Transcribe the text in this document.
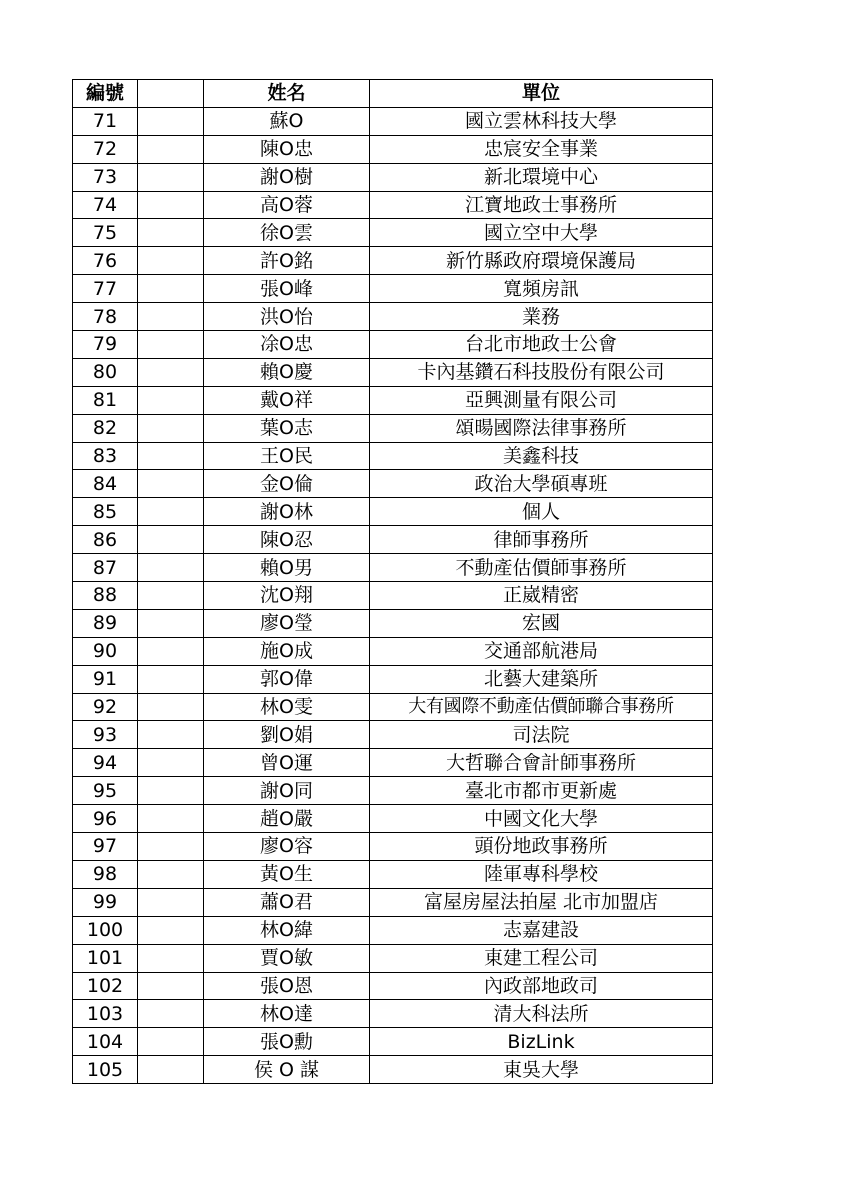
編號		姓名	單位
71		蘇O	國立雲林科技大學
72		陳O忠	忠宸安全事業
73		謝O樹	新北環境中心
74		高O蓉	江寶地政士事務所
75		徐O雲	國立空中大學
76		許O銘	新竹縣政府環境保護局
77		張O峰	寬頻房訊
78		洪O怡	業務
79		凃O忠	台北市地政士公會
80		賴O慶	卡內基鑽石科技股份有限公司
81		戴O祥	亞興測量有限公司
82		葉O志	頌暘國際法律事務所
83		王O民	美鑫科技
84		金O倫	政治大學碩專班
85		謝O林	個人
86		陳O忍	律師事務所
87		賴O男	不動產估價師事務所
88		沈O翔	正崴精密
89		廖O瑩	宏國
90		施O成	交通部航港局
91		郭O偉	北藝大建築所
92		林O雯	大有國際不動產估價師聯合事務所
93		劉O娟	司法院
94		曾O運	大哲聯合會計師事務所
95		謝O同	臺北市都市更新處
96		趙O嚴	中國文化大學
97		廖O容	頭份地政事務所
98		黃O生	陸軍專科學校
99		蕭O君	富屋房屋法拍屋 北市加盟店
100		林O緯	志嘉建設
101		賈O敏	東建工程公司
102		張O恩	內政部地政司
103		林O達	清大科法所
104		張O勳	BizLink
105		侯 O 謀	東吳大學
